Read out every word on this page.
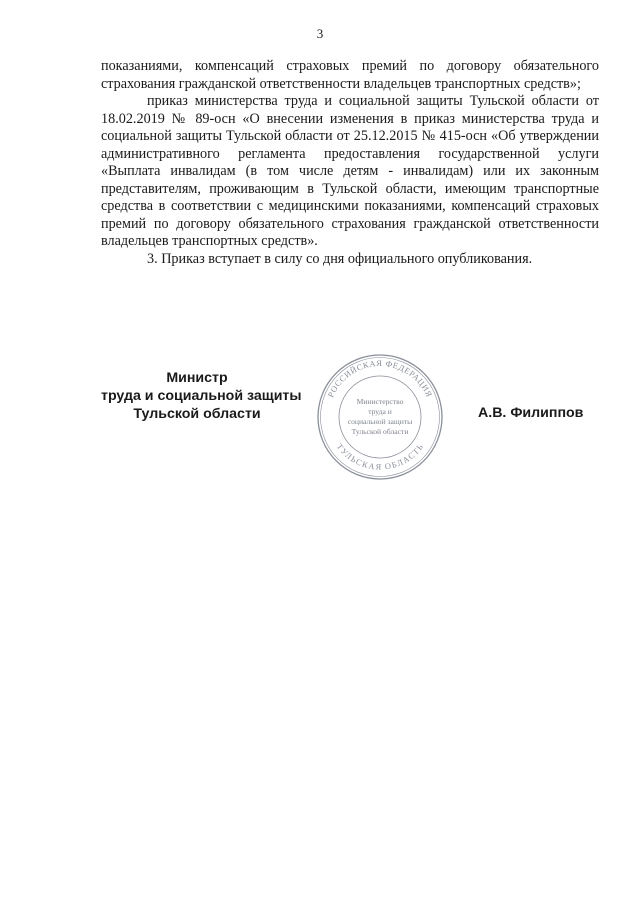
3

показаниями, компенсаций страховых премий по договору обязательного страхования гражданской ответственности владельцев транспортных средств»;

приказ министерства труда и социальной защиты Тульской области от 18.02.2019 № 89-осн «О внесении изменения в приказ министерства труда и социальной защиты Тульской области от 25.12.2015 № 415-осн «Об утверждении административного регламента предоставления государственной услуги «Выплата инвалидам (в том числе детям - инвалидам) или их законным представителям, проживающим в Тульской области, имеющим транспортные средства в соответствии с медицинскими показаниями, компенсаций страховых премий по договору обязательного страхования гражданской ответственности владельцев транспортных средств».

3. Приказ вступает в силу со дня официального опубликования.

Министр
труда и социальной защиты
Тульской области
РОССИЙСКАЯ ФЕДЕРАЦИЯ
ТУЛЬСКАЯ ОБЛАСТЬ
Министерство
труда и
социальной защиты
Тульской области
А.В. Филиппов
